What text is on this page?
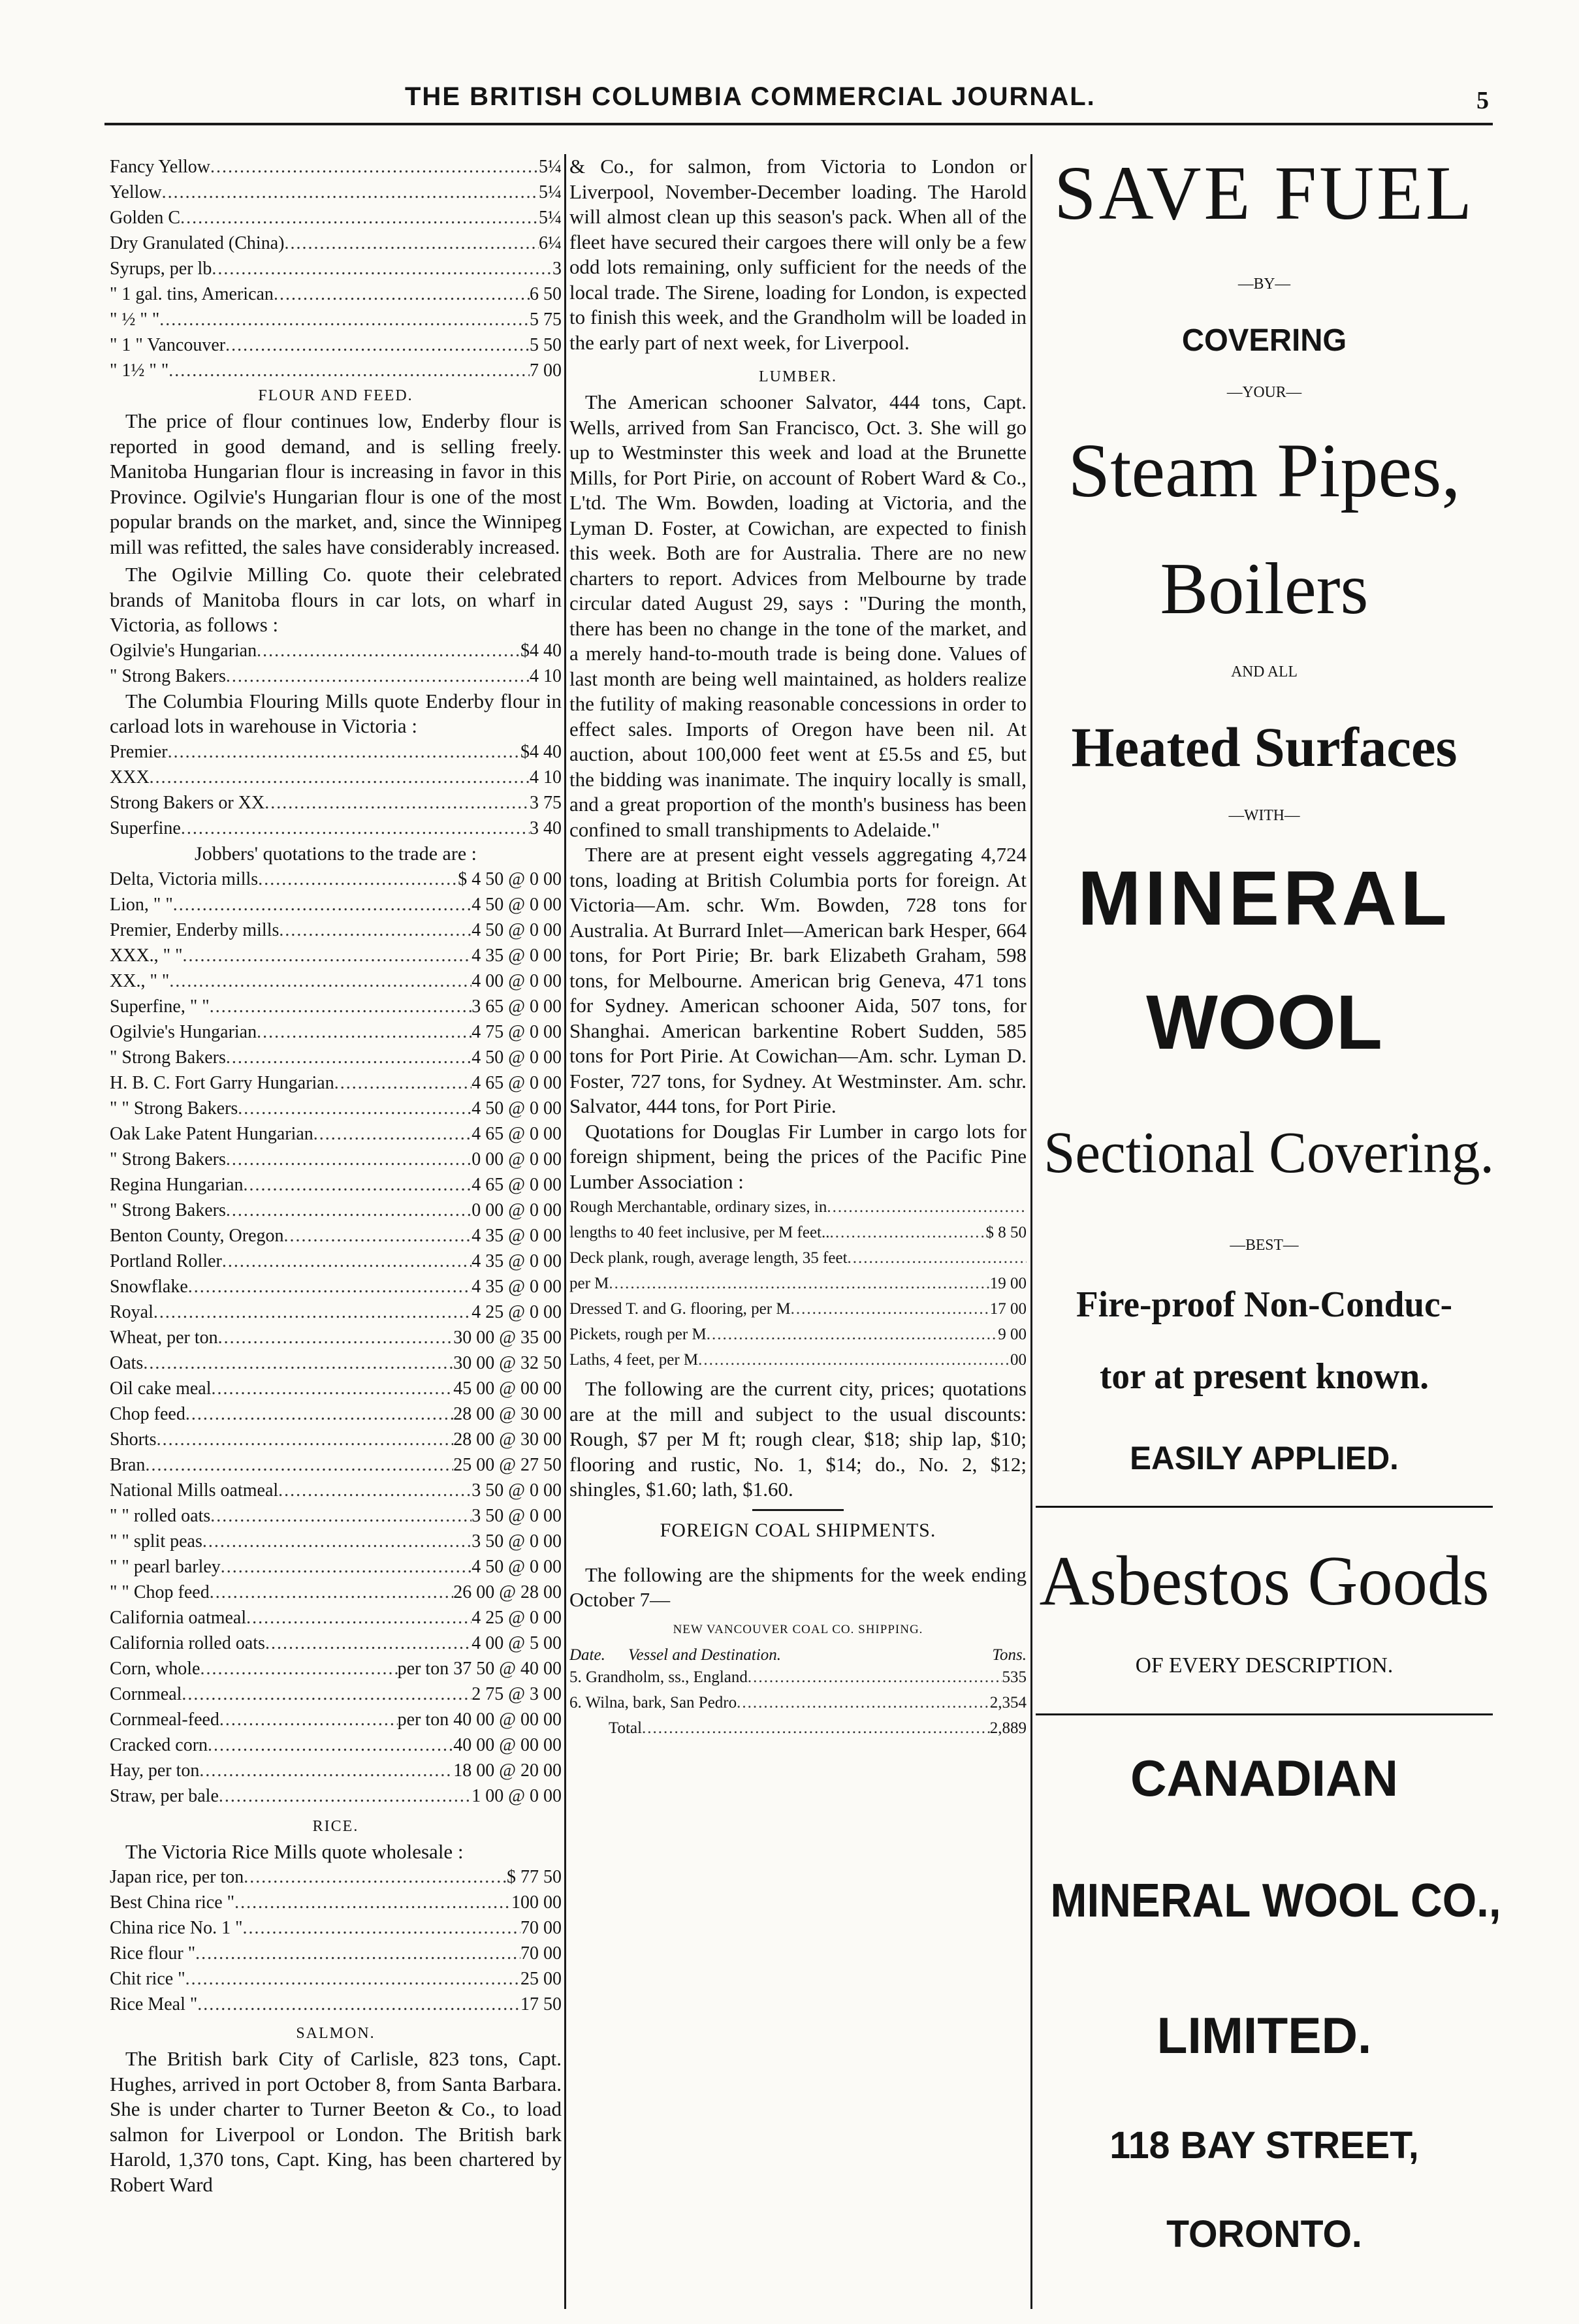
THE BRITISH COLUMBIA COMMERCIAL JOURNAL.	5
Fancy Yellow .....	5¼
Yellow .....	5¼
Golden C .....	5¼
Dry Granulated (China) .....	6¼
Syrups, per lb .....	3
" 1 gal. tins, American .....	6 50
" ½ " " .....	5 75
" 1 " Vancouver .....	5 50
" 1½ " " .....	7 00
FLOUR AND FEED.

The price of flour continues low, Enderby flour is reported in good demand, and is selling freely. Manitoba Hungarian flour is increasing in favor in this Province. Ogilvie's Hungarian flour is one of the most popular brands on the market, and, since the Winnipeg mill was refitted, the sales have considerably increased.

The Ogilvie Milling Co. quote their celebrated brands of Manitoba flours in car lots, on wharf in Victoria, as follows :

Ogilvie's Hungarian .....	$4 40
" Strong Bakers .....	4 10

The Columbia Flouring Mills quote Enderby flour in carload lots in warehouse in Victoria :

Premier .....	$4 40
XXX .....	4 10
Strong Bakers or XX .....	3 75
Superfine .....	3 40
Jobbers' quotations to the trade are :
Delta, Victoria mills .....	$ 4 50 @ 0 00
Lion, " " .....	4 50 @ 0 00
Premier, Enderby mills .....	4 50 @ 0 00
XXX., " " .....	4 35 @ 0 00
XX., " " .....	4 00 @ 0 00
Superfine, " " .....	3 65 @ 0 00
Ogilvie's Hungarian .....	4 75 @ 0 00
" Strong Bakers .....	4 50 @ 0 00
H. B. C. Fort Garry Hungarian .....	4 65 @ 0 00
" " Strong Bakers .....	4 50 @ 0 00
Oak Lake Patent Hungarian .....	4 65 @ 0 00
" Strong Bakers .....	0 00 @ 0 00
Regina Hungarian .....	4 65 @ 0 00
" Strong Bakers .....	0 00 @ 0 00
Benton County, Oregon .....	4 35 @ 0 00
Portland Roller .....	4 35 @ 0 00
Snowflake .....	4 35 @ 0 00
Royal .....	4 25 @ 0 00
Wheat, per ton .....	30 00 @ 35 00
Oats .....	30 00 @ 32 50
Oil cake meal .....	45 00 @ 00 00
Chop feed .....	28 00 @ 30 00
Shorts .....	28 00 @ 30 00
Bran .....	25 00 @ 27 50
National Mills oatmeal .....	3 50 @ 0 00
" " rolled oats .....	3 50 @ 0 00
" " split peas .....	3 50 @ 0 00
" " pearl barley .....	4 50 @ 0 00
" " Chop feed .....	26 00 @ 28 00
California oatmeal .....	4 25 @ 0 00
California rolled oats .....	4 00 @ 5 00
Corn, whole .....	per ton 37 50 @ 40 00
Cornmeal .....	2 75 @ 3 00
Cornmeal-feed .....	per ton 40 00 @ 00 00
Cracked corn .....	40 00 @ 00 00
Hay, per ton .....	18 00 @ 20 00
Straw, per bale .....	1 00 @ 0 00
RICE.

The Victoria Rice Mills quote wholesale :

Japan rice, per ton .....	$ 77 50
Best China rice " .....	100 00
China rice No. 1 " .....	70 00
Rice flour " .....	70 00
Chit rice " .....	25 00
Rice Meal " .....	17 50
SALMON.

The British bark City of Carlisle, 823 tons, Capt. Hughes, arrived in port October 8, from Santa Barbara. She is under charter to Turner Beeton & Co., to load salmon for Liverpool or London. The British bark Harold, 1,370 tons, Capt. King, has been chartered by Robert Ward

& Co., for salmon, from Victoria to London or Liverpool, November-December loading. The Harold will almost clean up this season's pack. When all of the fleet have secured their cargoes there will only be a few odd lots remaining, only sufficient for the needs of the local trade. The Sirene, loading for London, is expected to finish this week, and the Grandholm will be loaded in the early part of next week, for Liverpool.

LUMBER.

The American schooner Salvator, 444 tons, Capt. Wells, arrived from San Francisco, Oct. 3. She will go up to Westminster this week and load at the Brunette Mills, for Port Pirie, on account of Robert Ward & Co., L'td. The Wm. Bowden, loading at Victoria, and the Lyman D. Foster, at Cowichan, are expected to finish this week. Both are for Australia. There are no new charters to report. Advices from Melbourne by trade circular dated August 29, says : "During the month, there has been no change in the tone of the market, and a merely hand-to-mouth trade is being done. Values of last month are being well maintained, as holders realize the futility of making reasonable concessions in order to effect sales. Imports of Oregon have been nil. At auction, about 100,000 feet went at £5.5s and £5, but the bidding was inanimate. The inquiry locally is small, and a great proportion of the month's business has been confined to small transhipments to Adelaide."

There are at present eight vessels aggregating 4,724 tons, loading at British Columbia ports for foreign. At Victoria—Am. schr. Wm. Bowden, 728 tons for Australia. At Burrard Inlet—American bark Hesper, 664 tons, for Port Pirie; Br. bark Elizabeth Graham, 598 tons, for Melbourne. American brig Geneva, 471 tons for Sydney. American schooner Aida, 507 tons, for Shanghai. American barkentine Robert Sudden, 585 tons for Port Pirie. At Cowichan—Am. schr. Lyman D. Foster, 727 tons, for Sydney. At Westminster. Am. schr. Salvator, 444 tons, for Port Pirie.

Quotations for Douglas Fir Lumber in cargo lots for foreign shipment, being the prices of the Pacific Pine Lumber Association :

Rough Merchantable, ordinary sizes, in
.....
lengths to 40 feet inclusive, per M feet.. .....	$ 8 50
Deck plank, rough, average length, 35 feet
.....
per M .....	19 00
Dressed T. and G. flooring, per M .....	17 00
Pickets, rough per M .....	9 00
Laths, 4 feet, per M .....	00

The following are the current city, prices; quotations are at the mill and subject to the usual discounts: Rough, $7 per M ft; rough clear, $18; ship lap, $10; flooring and rustic, No. 1, $14; do., No. 2, $12; shingles, $1.60; lath, $1.60.

FOREIGN COAL SHIPMENTS.

The following are the shipments for the week ending October 7—

NEW VANCOUVER COAL CO. SHIPPING.
Date.	Vessel and Destination.	Tons.
5. Grandholm, ss., England .....	535
6. Wilna, bark, San Pedro .....	2,354
Total .....	2,889
SAVE FUEL
—BY—
COVERING
—YOUR—
Steam Pipes,
Boilers
AND ALL
Heated Surfaces
—WITH—
MINERAL
WOOL
Sectional Covering.
—BEST—
Fire-proof Non-Conduc-
tor at present known.
EASILY APPLIED.
Asbestos Goods
OF EVERY DESCRIPTION.
CANADIAN
MINERAL WOOL CO.,
LIMITED.
118 BAY STREET,
TORONTO.
